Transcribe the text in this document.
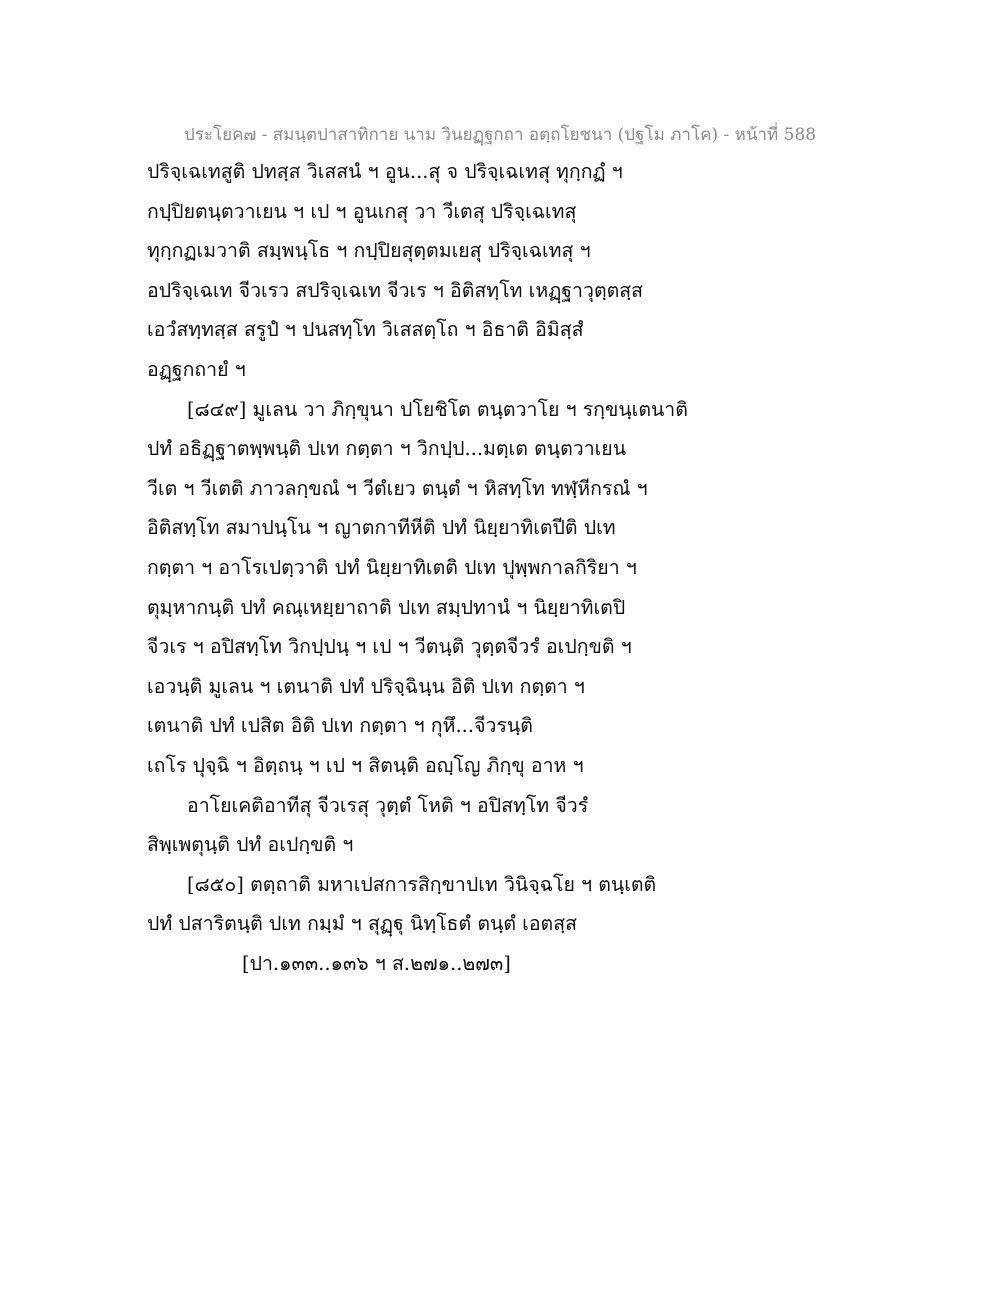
ประโยค๗ - สมนฺตปาสาทิกาย นาม วินยฏฺฐกถา อตฺถโยชนา (ปฐโม ภาโค) - หน้าที่ 588
ปริจฺเฉเทสูติ ปทสฺส วิเสสนํ ฯ อูน...สุ จ ปริจฺเฉเทสุ ทุกฺกฏํ ฯ
กปฺปิยตนฺตวาเยน ฯ เป ฯ อูนเกสุ วา วีเตสุ ปริจฺเฉเทสุ
ทุกฺกฏเมวาติ สมฺพนฺโธ ฯ กปฺปิยสุตฺตมเยสุ ปริจฺเฉเทสุ ฯ
อปริจฺเฉเท จีวเรว สปริจฺเฉเท จีวเร ฯ อิติสทฺโท เหฏฺฐาวุตฺตสฺส
เอวํสทฺทสฺส สรูปํ ฯ ปนสทฺโท วิเสสตฺโถ ฯ อิธาติ อิมิสฺสํ
อฏฺฐกถายํ ฯ
[๘๔๙] มูเลน วา ภิกฺขุนา ปโยชิโต ตนฺตวาโย ฯ รกฺขนฺเตนาติ
ปทํ อธิฏฺฐาตพฺพนฺติ ปเท กตฺตา ฯ วิกปฺป...มตฺเต ตนฺตวาเยน
วีเต ฯ วีเตติ ภาวลกฺขณํ ฯ วีตํเยว ตนฺตํ ฯ หิสทฺโท ทฬฺหีกรณํ ฯ
อิติสทฺโท สมาปนฺโน ฯ ญาตกาทีหีติ ปทํ นิยฺยาทิเตปีติ ปเท
กตฺตา ฯ อาโรเปตฺวาติ ปทํ นิยฺยาทิเตติ ปเท ปุพฺพกาลกิริยา ฯ
ตุมฺหากนฺติ ปทํ คณฺเหยฺยาถาติ ปเท สมฺปทานํ ฯ นิยฺยาทิเตปิ
จีวเร ฯ อปิสทฺโท วิกปฺปนฺ ฯ เป ฯ วีตนฺติ วุตฺตจีวรํ อเปกฺขติ ฯ
เอวนฺติ มูเลน ฯ เตนาติ ปทํ ปริจฺฉินฺน อิติ ปเท กตฺตา ฯ
เตนาติ ปทํ เปสิต อิติ ปเท กตฺตา ฯ กุหึ...จีวรนฺติ
เถโร ปุจฺฉิ ฯ อิตฺถนฺ ฯ เป ฯ สิตนฺติ อญฺโญ ภิกฺขุ อาห ฯ
อาโยเคติอาทีสุ จีวเรสุ วุตฺตํ โหติ ฯ อปิสทฺโท จีวรํ
สิพฺเพตุนฺติ ปทํ อเปกฺขติ ฯ
[๘๕๐] ตตฺถาติ มหาเปสการสิกฺขาปเท วินิจฺฉโย ฯ ตนฺเตติ
ปทํ ปสาริตนฺติ ปเท กมฺมํ ฯ สุฏฺฐุ นิทฺโธตํ ตนฺตํ เอตสฺส
[ปา.๑๓๓..๑๓๖ ฯ ส.๒๗๑..๒๗๓]
